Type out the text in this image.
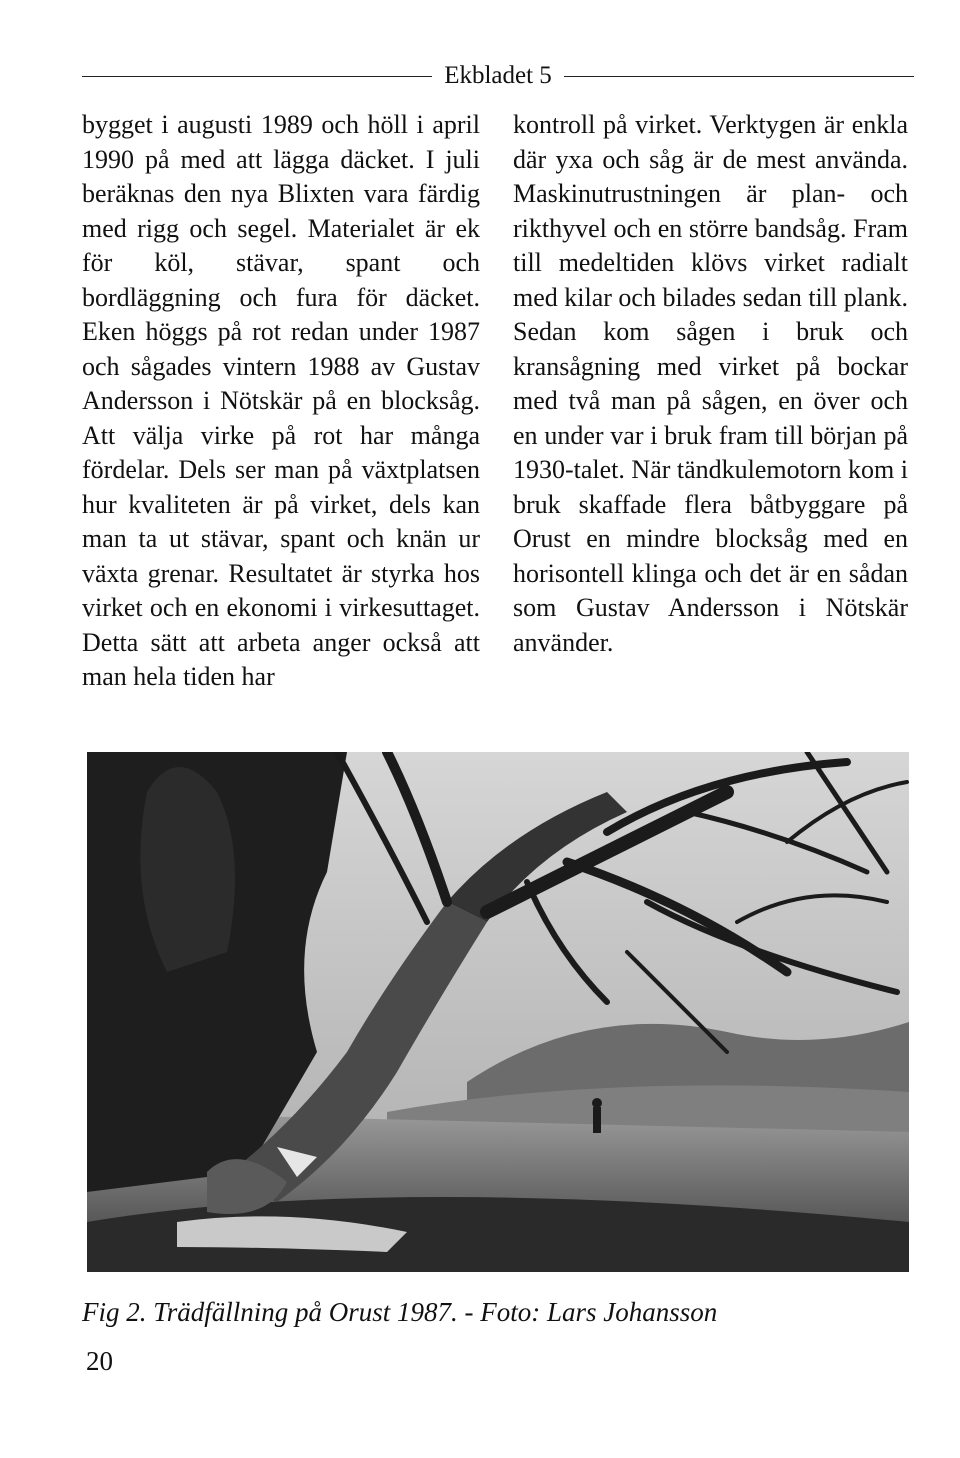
Ekbladet 5

bygget i augusti 1989 och höll i april 1990 på med att lägga däcket. I juli beräknas den nya Blixten vara färdig med rigg och segel. Materialet är ek för köl, stävar, spant och bordläggning och fura för däcket. Eken höggs på rot redan under 1987 och sågades vintern 1988 av Gustav Andersson i Nötskär på en blocksåg. Att välja virke på rot har många fördelar. Dels ser man på växtplatsen hur kvaliteten är på virket, dels kan man ta ut stävar, spant och knän ur växta grenar. Resultatet är styrka hos virket och en ekonomi i virkesuttaget. Detta sätt att arbeta anger också att man hela tiden har

kontroll på virket. Verktygen är enkla där yxa och såg är de mest använda. Maskinutrustningen är plan- och rikthyvel och en större bandsåg. Fram till medeltiden klövs virket radialt med kilar och bilades sedan till plank. Sedan kom sågen i bruk och kransågning med virket på bockar med två man på sågen, en över och en under var i bruk fram till början på 1930-talet. När tändkulemotorn kom i bruk skaffade flera båtbyggare på Orust en mindre blocksåg med en horisontell klinga och det är en sådan som Gustav Andersson i Nötskär använder.

Fig 2. Trädfällning på Orust 1987. - Foto: Lars Johansson
20
